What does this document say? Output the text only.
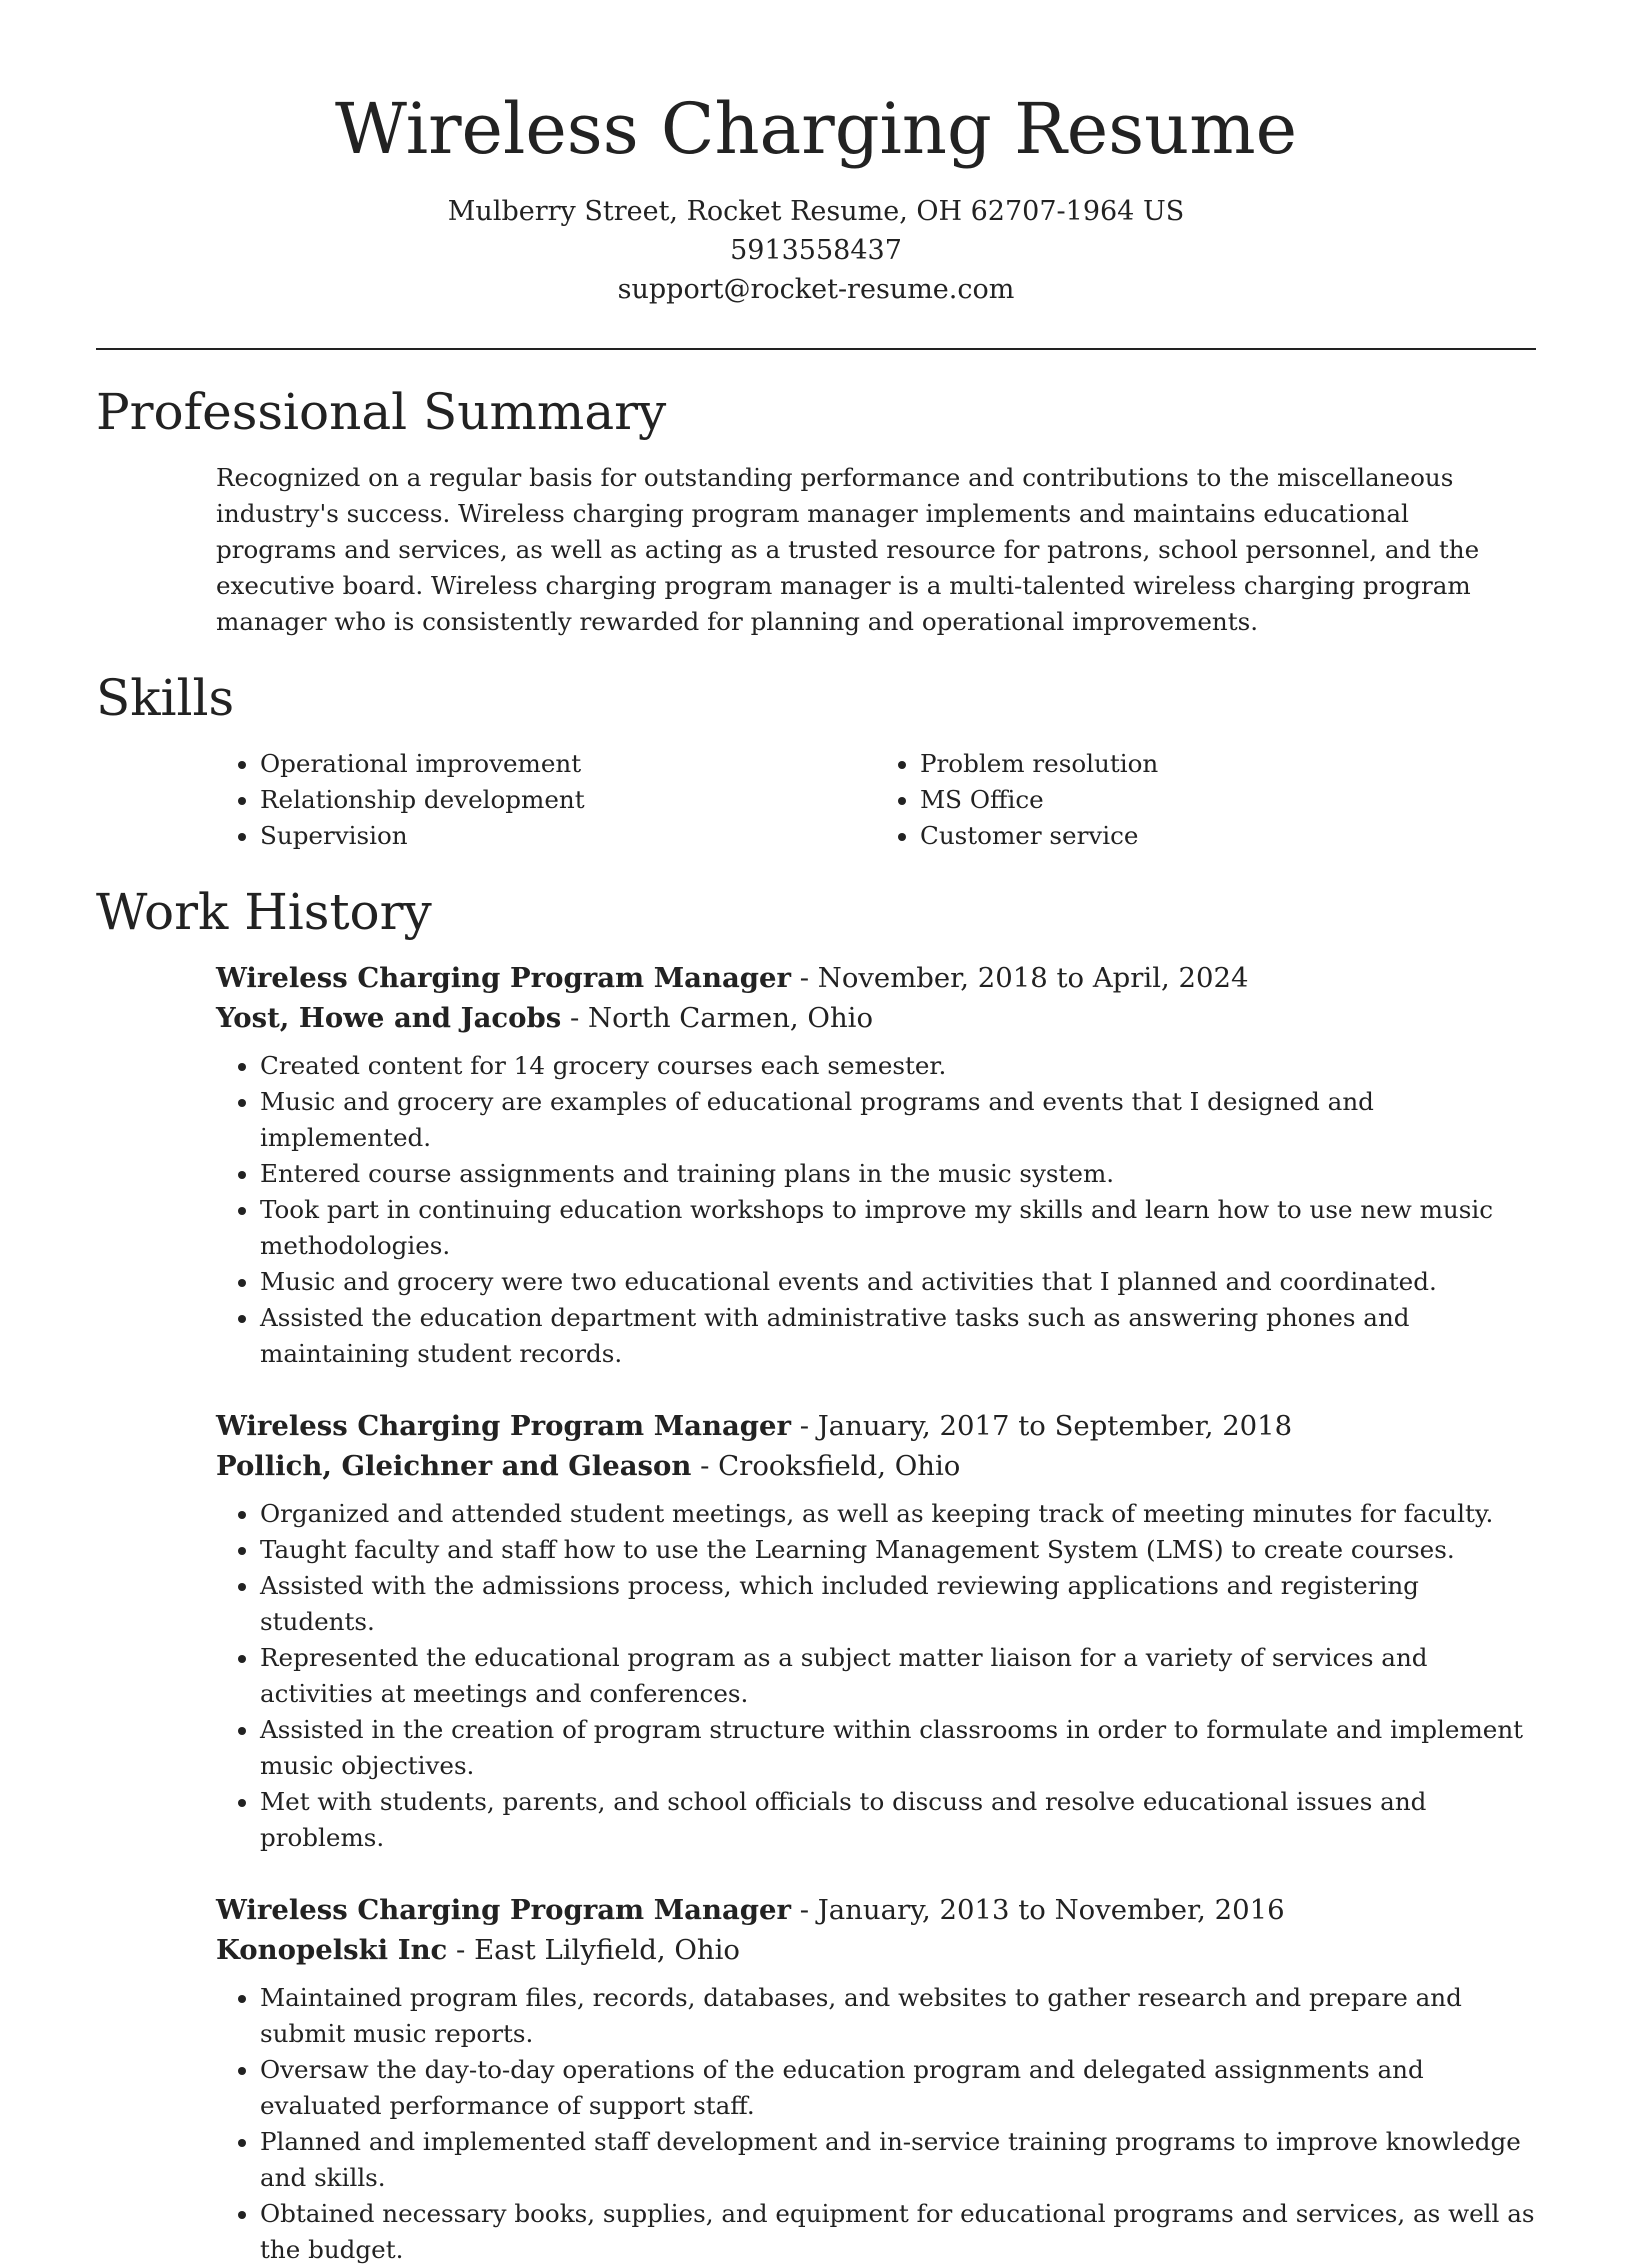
Wireless Charging Resume

Mulberry Street, Rocket Resume, OH 62707-1964 US

5913558437

support@rocket-resume.com

Professional Summary

Recognized on a regular basis for outstanding performance and contributions to the miscellaneous industry's success. Wireless charging program manager implements and maintains educational programs and services, as well as acting as a trusted resource for patrons, school personnel, and the executive board. Wireless charging program manager is a multi-talented wireless charging program manager who is consistently rewarded for planning and operational improvements.

Skills
• Operational improvement
• Relationship development
• Supervision
• Problem resolution
• MS Office
• Customer service
Work History

Wireless Charging Program Manager - November, 2018 to April, 2024

Yost, Howe and Jacobs - North Carmen, Ohio

• Created content for 14 grocery courses each semester.
• Music and grocery are examples of educational programs and events that I designed and implemented.
• Entered course assignments and training plans in the music system.
• Took part in continuing education workshops to improve my skills and learn how to use new music methodologies.
• Music and grocery were two educational events and activities that I planned and coordinated.
• Assisted the education department with administrative tasks such as answering phones and maintaining student records.

Wireless Charging Program Manager - January, 2017 to September, 2018

Pollich, Gleichner and Gleason - Crooksfield, Ohio

• Organized and attended student meetings, as well as keeping track of meeting minutes for faculty.
• Taught faculty and staff how to use the Learning Management System (LMS) to create courses.
• Assisted with the admissions process, which included reviewing applications and registering students.
• Represented the educational program as a subject matter liaison for a variety of services and activities at meetings and conferences.
• Assisted in the creation of program structure within classrooms in order to formulate and implement music objectives.
• Met with students, parents, and school officials to discuss and resolve educational issues and problems.

Wireless Charging Program Manager - January, 2013 to November, 2016

Konopelski Inc - East Lilyfield, Ohio

• Maintained program files, records, databases, and websites to gather research and prepare and submit music reports.
• Oversaw the day-to-day operations of the education program and delegated assignments and evaluated performance of support staff.
• Planned and implemented staff development and in-service training programs to improve knowledge and skills.
• Obtained necessary books, supplies, and equipment for educational programs and services, as well as the budget.
